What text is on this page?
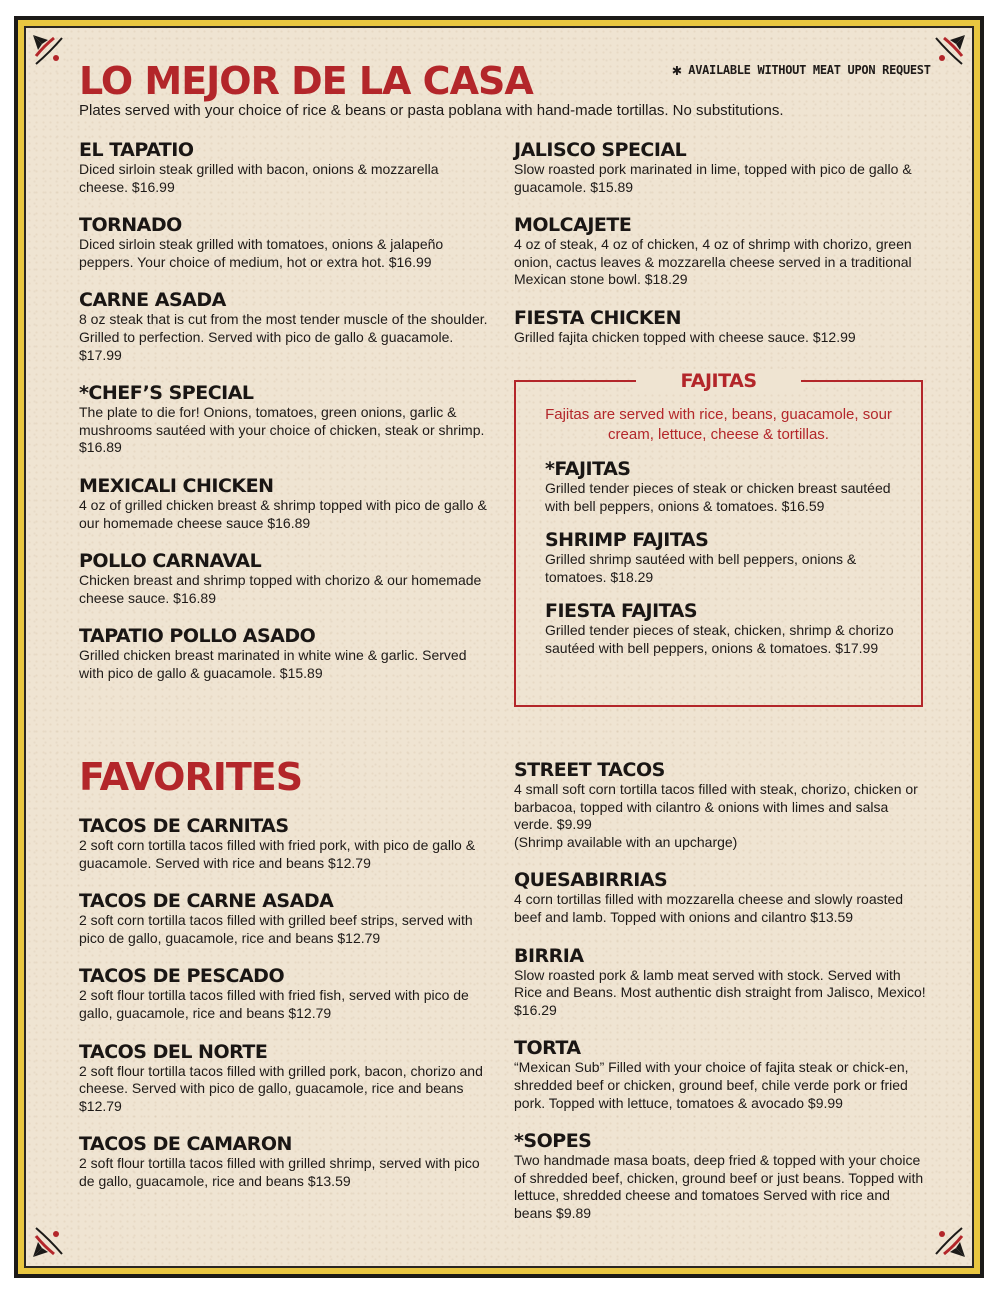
LO MEJOR DE LA CASA	✱ AVAILABLE WITHOUT MEAT UPON REQUEST
Plates served with your choice of rice & beans or pasta poblana with hand-made tortillas. No substitutions.
EL TAPATIO

Diced sirloin steak grilled with bacon, onions & mozzarella cheese. $16.99

TORNADO

Diced sirloin steak grilled with tomatoes, onions & jalapeño peppers. Your choice of medium, hot or extra hot. $16.99

CARNE ASADA

8 oz steak that is cut from the most tender muscle of the shoulder. Grilled to perfection. Served with pico de gallo & guacamole. $17.99

*CHEF’S SPECIAL

The plate to die for! Onions, tomatoes, green onions, garlic & mushrooms sautéed with your choice of chicken, steak or shrimp. $16.89

MEXICALI CHICKEN

4 oz of grilled chicken breast & shrimp topped with pico de gallo & our homemade cheese sauce $16.89

POLLO CARNAVAL

Chicken breast and shrimp topped with chorizo & our homemade cheese sauce. $16.89

TAPATIO POLLO ASADO

Grilled chicken breast marinated in white wine & garlic. Served with pico de gallo & guacamole. $15.89

JALISCO SPECIAL

Slow roasted pork marinated in lime, topped with pico de gallo & guacamole. $15.89

MOLCAJETE

4 oz of steak, 4 oz of chicken, 4 oz of shrimp with chorizo, green onion, cactus leaves & mozzarella cheese served in a traditional Mexican stone bowl. $18.29

FIESTA CHICKEN

Grilled fajita chicken topped with cheese sauce. $12.99

FAJITAS

Fajitas are served with rice, beans, guacamole, sour cream, lettuce, cheese & tortillas.

*FAJITAS

Grilled tender pieces of steak or chicken breast sautéed with bell peppers, onions & tomatoes. $16.59

SHRIMP FAJITAS

Grilled shrimp sautéed with bell peppers, onions & tomatoes. $18.29

FIESTA FAJITAS

Grilled tender pieces of steak, chicken, shrimp & chorizo sautéed with bell peppers, onions & tomatoes. $17.99

FAVORITES
TACOS DE CARNITAS

2 soft corn tortilla tacos filled with fried pork, with pico de gallo & guacamole. Served with rice and beans $12.79

TACOS DE CARNE ASADA

2 soft corn tortilla tacos filled with grilled beef strips, served with pico de gallo, guacamole, rice and beans $12.79

TACOS DE PESCADO

2 soft flour tortilla tacos filled with fried fish, served with pico de gallo, guacamole, rice and beans $12.79

TACOS DEL NORTE

2 soft flour tortilla tacos filled with grilled pork, bacon, chorizo and cheese. Served with pico de gallo, guacamole, rice and beans $12.79

TACOS DE CAMARON

2 soft flour tortilla tacos filled with grilled shrimp, served with pico de gallo, guacamole, rice and beans $13.59

STREET TACOS

4 small soft corn tortilla tacos filled with steak, chorizo, chicken or barbacoa, topped with cilantro & onions with limes and salsa verde. $9.99

(Shrimp available with an upcharge)

QUESABIRRIAS

4 corn tortillas filled with mozzarella cheese and slowly roasted beef and lamb. Topped with onions and cilantro $13.59

BIRRIA

Slow roasted pork & lamb meat served with stock. Served with Rice and Beans. Most authentic dish straight from Jalisco, Mexico! $16.29

TORTA

“Mexican Sub” Filled with your choice of fajita steak or chick-en, shredded beef or chicken, ground beef, chile verde pork or fried pork. Topped with lettuce, tomatoes & avocado $9.99

*SOPES

Two handmade masa boats, deep fried & topped with your choice of shredded beef, chicken, ground beef or just beans. Topped with lettuce, shredded cheese and tomatoes Served with rice and beans $9.89
